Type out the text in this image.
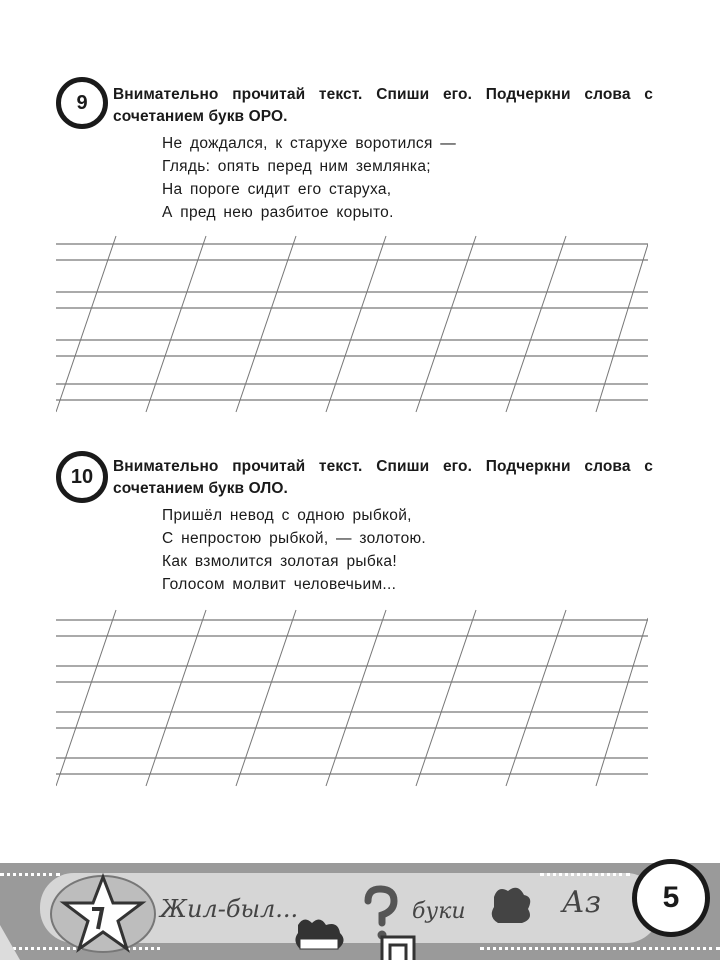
9 Внимательно прочитай текст. Спиши его. Подчеркни слова с сочетанием букв ОРО.
Не дождался, к старухе воротился —
Глядь: опять перед ним землянка;
На пороге сидит его старуха,
А пред нею разбитое корыто.
10 Внимательно прочитай текст. Спиши его. Подчеркни слова с сочетанием букв ОЛО.
Пришёл невод с одною рыбкой,
С непростою рыбкой, — золотою.
Как взмолится золотая рыбка!
Голосом молвит человечьим...
Жил-был...	буки	Аз 5
